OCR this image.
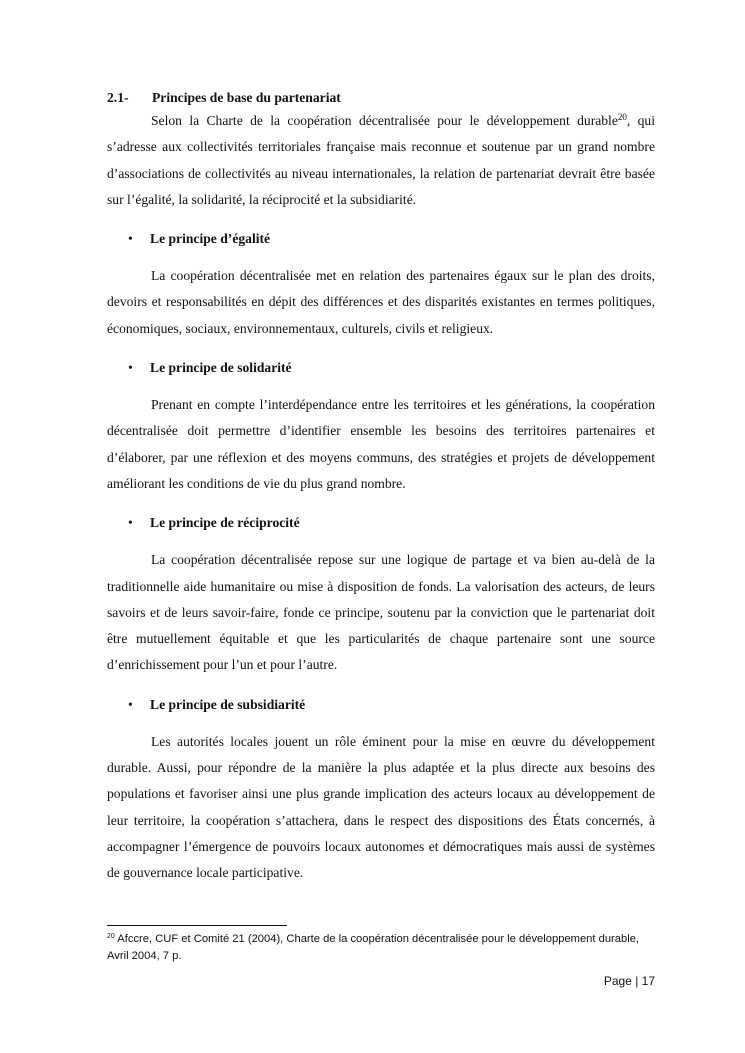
2.1-	Principes de base du partenariat

Selon la Charte de la coopération décentralisée pour le développement durable$^{20}$, qui s’adresse aux collectivités territoriales française mais reconnue et soutenue par un grand nombre d’associations de collectivités au niveau internationales, la relation de partenariat devrait être basée sur l’égalité, la solidarité, la réciprocité et la subsidiarité.

•	Le principe d’égalité

La coopération décentralisée met en relation des partenaires égaux sur le plan des droits, devoirs et responsabilités en dépit des différences et des disparités existantes en termes politiques, économiques, sociaux, environnementaux, culturels, civils et religieux.

•	Le principe de solidarité

Prenant en compte l’interdépendance entre les territoires et les générations, la coopération décentralisée doit permettre d’identifier ensemble les besoins des territoires partenaires et d’élaborer, par une réflexion et des moyens communs, des stratégies et projets de développement améliorant les conditions de vie du plus grand nombre.

•	Le principe de réciprocité

La coopération décentralisée repose sur une logique de partage et va bien au-delà de la traditionnelle aide humanitaire ou mise à disposition de fonds. La valorisation des acteurs, de leurs savoirs et de leurs savoir-faire, fonde ce principe, soutenu par la conviction que le partenariat doit être mutuellement équitable et que les particularités de chaque partenaire sont une source d’enrichissement pour l’un et pour l’autre.

•	Le principe de subsidiarité

Les autorités locales jouent un rôle éminent pour la mise en œuvre du développement durable. Aussi, pour répondre de la manière la plus adaptée et la plus directe aux besoins des populations et favoriser ainsi une plus grande implication des acteurs locaux au développement de leur territoire, la coopération s’attachera, dans le respect des dispositions des États concernés, à accompagner l’émergence de pouvoirs locaux autonomes et démocratiques mais aussi de systèmes de gouvernance locale participative.

$^{20}$ Afccre, CUF et Comité 21 (2004), Charte de la coopération décentralisée pour le développement durable, Avril 2004, 7 p.
Page | 17
